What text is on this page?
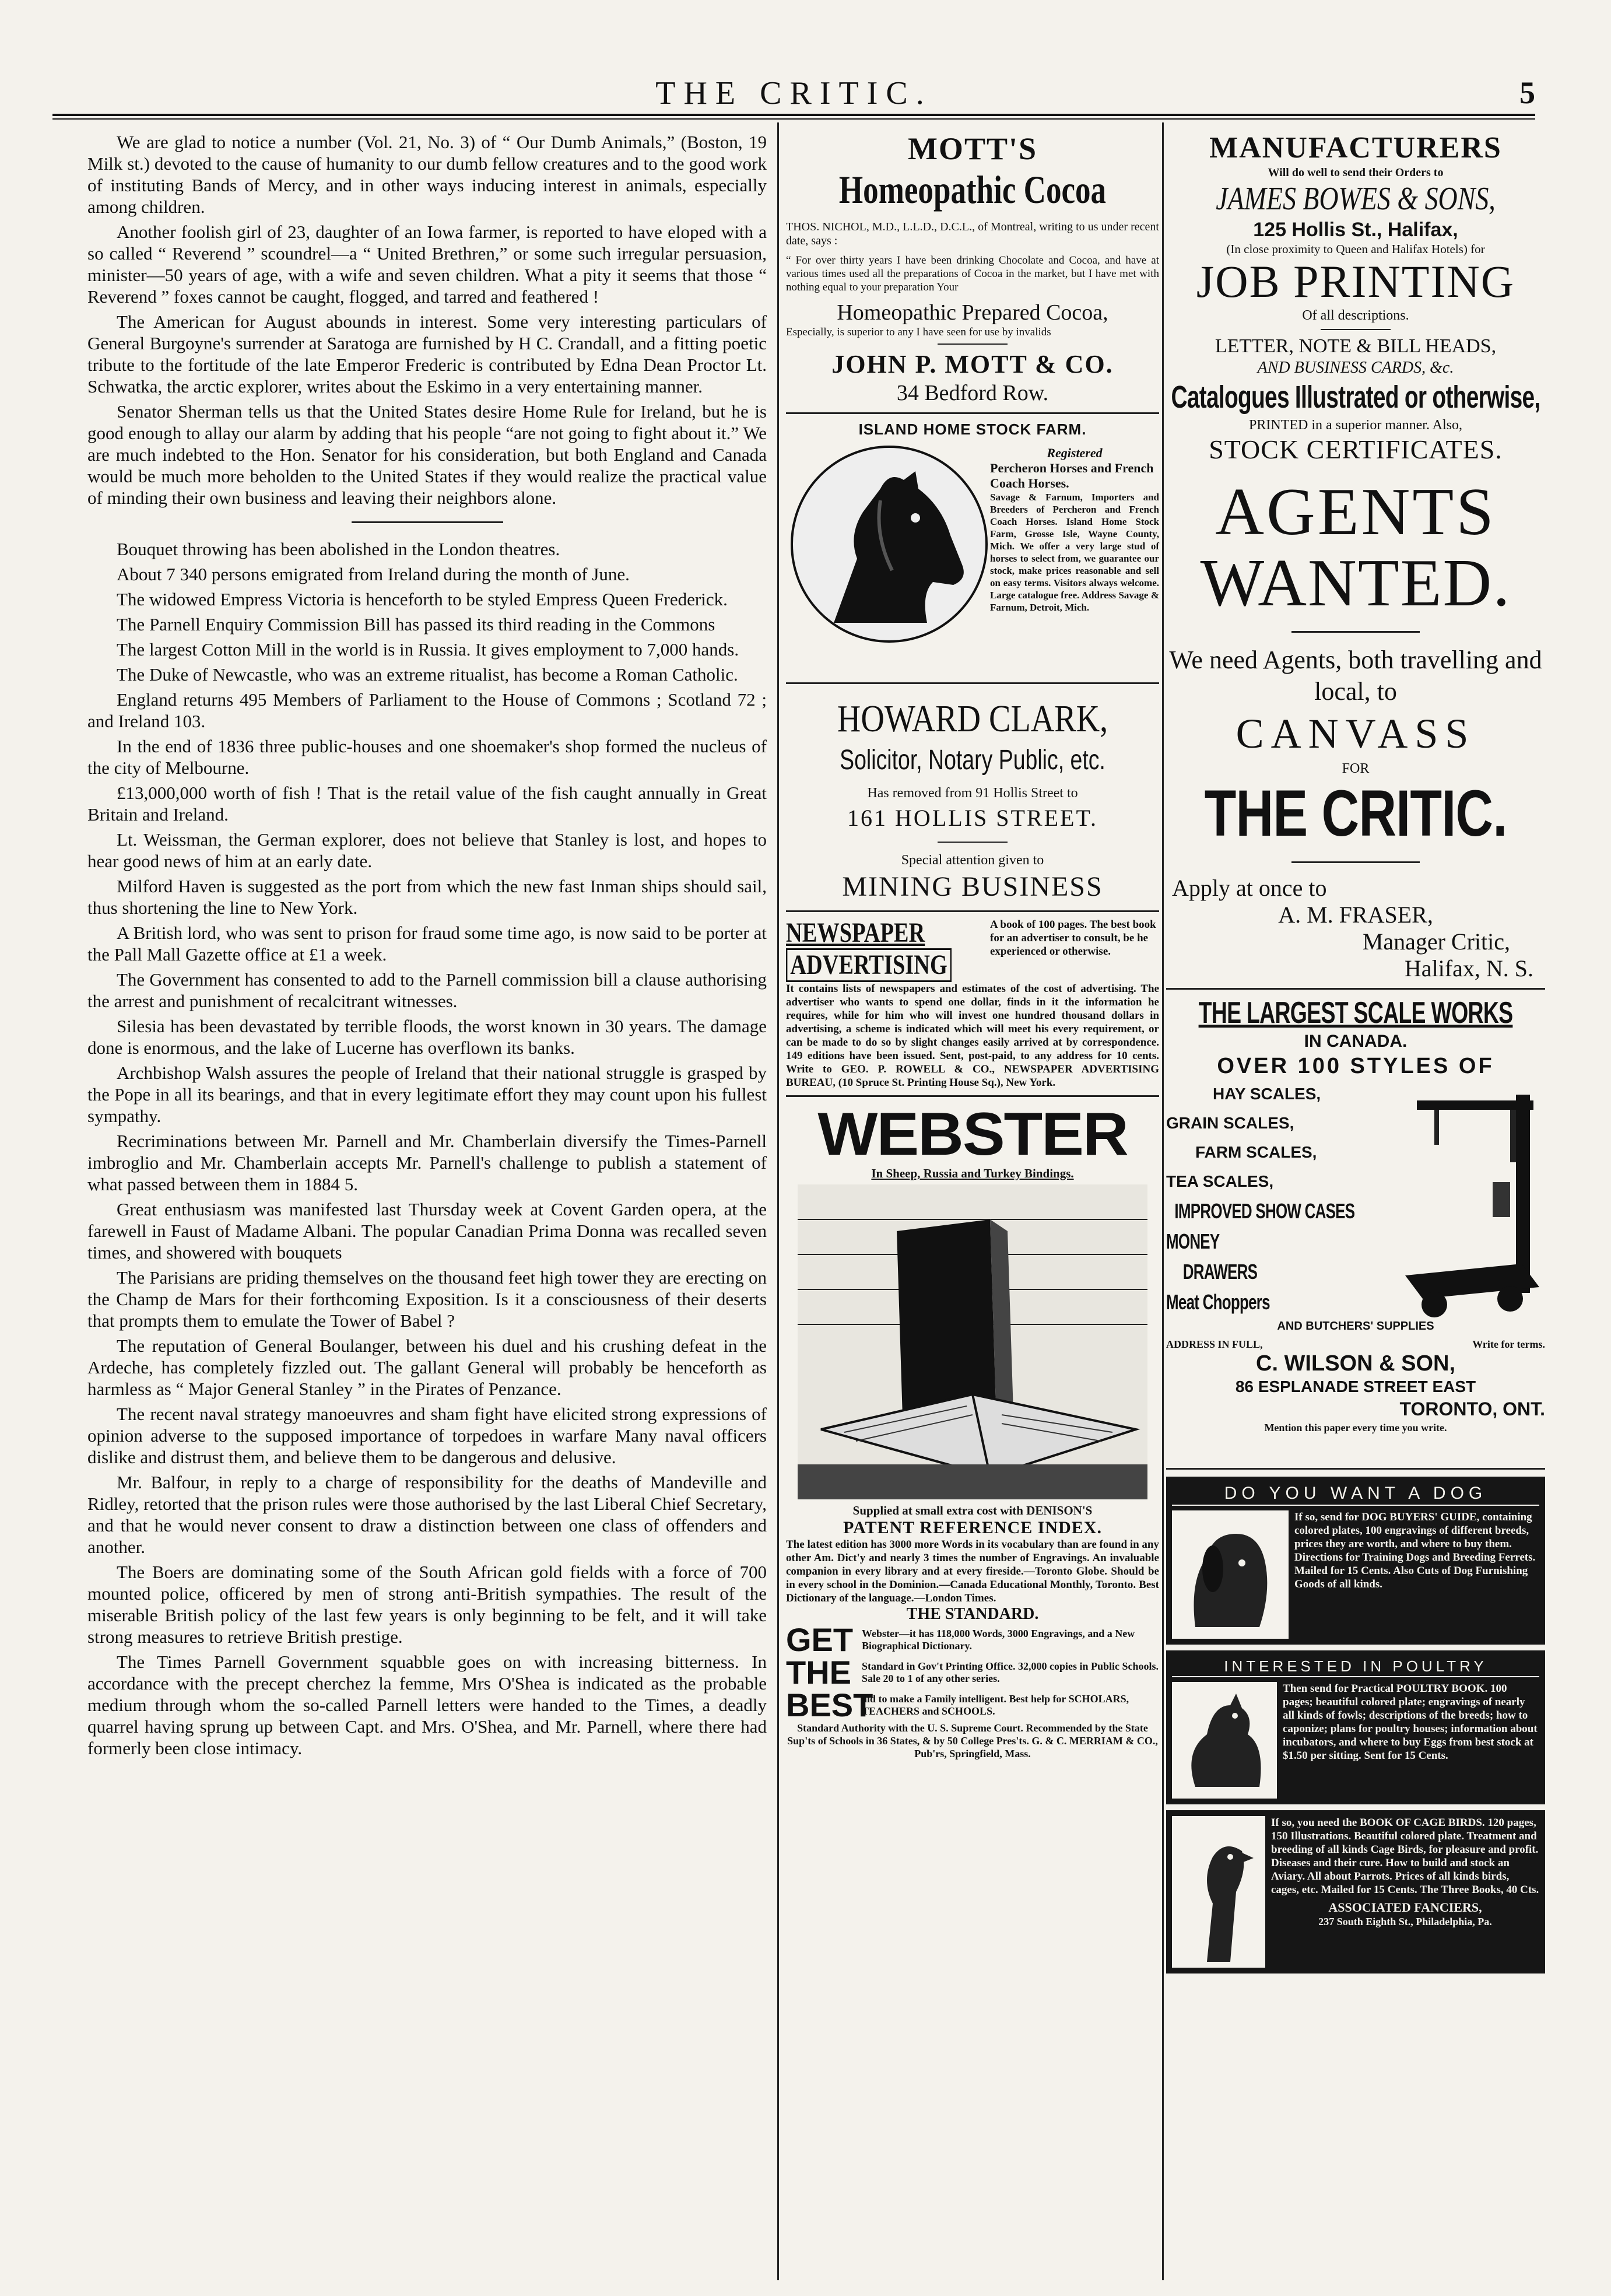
THE CRITIC.	5

We are glad to notice a number (Vol. 21, No. 3) of “ Our Dumb Animals,” (Boston, 19 Milk st.) devoted to the cause of humanity to our dumb fellow creatures and to the good work of instituting Bands of Mercy, and in other ways inducing interest in animals, especially among children.

Another foolish girl of 23, daughter of an Iowa farmer, is reported to have eloped with a so called “ Reverend ” scoundrel—a “ United Brethren,” or some such irregular persuasion, minister—50 years of age, with a wife and seven children. What a pity it seems that those “ Reverend ” foxes cannot be caught, flogged, and tarred and feathered !

The American for August abounds in interest. Some very interesting particulars of General Burgoyne's surrender at Saratoga are furnished by H C. Crandall, and a fitting poetic tribute to the fortitude of the late Emperor Frederic is contributed by Edna Dean Proctor Lt. Schwatka, the arctic explorer, writes about the Eskimo in a very entertaining manner.

Senator Sherman tells us that the United States desire Home Rule for Ireland, but he is good enough to allay our alarm by adding that his people “are not going to fight about it.” We are much indebted to the Hon. Senator for his consideration, but both England and Canada would be much more beholden to the United States if they would realize the practical value of minding their own business and leaving their neighbors alone.

Bouquet throwing has been abolished in the London theatres.

About 7 340 persons emigrated from Ireland during the month of June.

The widowed Empress Victoria is henceforth to be styled Empress Queen Frederick.

The Parnell Enquiry Commission Bill has passed its third reading in the Commons

The largest Cotton Mill in the world is in Russia. It gives employment to 7,000 hands.

The Duke of Newcastle, who was an extreme ritualist, has become a Roman Catholic.

England returns 495 Members of Parliament to the House of Commons ; Scotland 72 ; and Ireland 103.

In the end of 1836 three public-houses and one shoemaker's shop formed the nucleus of the city of Melbourne.

£13,000,000 worth of fish ! That is the retail value of the fish caught annually in Great Britain and Ireland.

Lt. Weissman, the German explorer, does not believe that Stanley is lost, and hopes to hear good news of him at an early date.

Milford Haven is suggested as the port from which the new fast Inman ships should sail, thus shortening the line to New York.

A British lord, who was sent to prison for fraud some time ago, is now said to be porter at the Pall Mall Gazette office at £1 a week.

The Government has consented to add to the Parnell commission bill a clause authorising the arrest and punishment of recalcitrant witnesses.

Silesia has been devastated by terrible floods, the worst known in 30 years. The damage done is enormous, and the lake of Lucerne has overflown its banks.

Archbishop Walsh assures the people of Ireland that their national struggle is grasped by the Pope in all its bearings, and that in every legitimate effort they may count upon his fullest sympathy.

Recriminations between Mr. Parnell and Mr. Chamberlain diversify the Times-Parnell imbroglio and Mr. Chamberlain accepts Mr. Parnell's challenge to publish a statement of what passed between them in 1884 5.

Great enthusiasm was manifested last Thursday week at Covent Garden opera, at the farewell in Faust of Madame Albani. The popular Canadian Prima Donna was recalled seven times, and showered with bouquets

The Parisians are priding themselves on the thousand feet high tower they are erecting on the Champ de Mars for their forthcoming Exposition. Is it a consciousness of their deserts that prompts them to emulate the Tower of Babel ?

The reputation of General Boulanger, between his duel and his crushing defeat in the Ardeche, has completely fizzled out. The gallant General will probably be henceforth as harmless as “ Major General Stanley ” in the Pirates of Penzance.

The recent naval strategy manoeuvres and sham fight have elicited strong expressions of opinion adverse to the supposed importance of torpedoes in warfare Many naval officers dislike and distrust them, and believe them to be dangerous and delusive.

Mr. Balfour, in reply to a charge of responsibility for the deaths of Mandeville and Ridley, retorted that the prison rules were those authorised by the last Liberal Chief Secretary, and that he would never consent to draw a distinction between one class of offenders and another.

The Boers are dominating some of the South African gold fields with a force of 700 mounted police, officered by men of strong anti-British sympathies. The result of the miserable British policy of the last few years is only beginning to be felt, and it will take strong measures to retrieve British prestige.

The Times Parnell Government squabble goes on with increasing bitterness. In accordance with the precept cherchez la femme, Mrs O'Shea is indicated as the probable medium through whom the so-called Parnell letters were handed to the Times, a deadly quarrel having sprung up between Capt. and Mrs. O'Shea, and Mr. Parnell, where there had formerly been close intimacy.

MOTT'S
Homeopathic Cocoa
THOS. NICHOL, M.D., L.L.D., D.C.L., of Montreal, writing to us under recent date, says :
“ For over thirty years I have been drinking Chocolate and Cocoa, and have at various times used all the preparations of Cocoa in the market, but I have met with nothing equal to your preparation Your
Homeopathic Prepared Cocoa,
Especially, is superior to any I have seen for use by invalids
JOHN P. MOTT & CO.
34 Bedford Row.
ISLAND HOME STOCK FARM.
Registered
Percheron Horses and French Coach Horses.
Savage & Farnum, Importers and Breeders of Percheron and French Coach Horses. Island Home Stock Farm, Grosse Isle, Wayne County, Mich. We offer a very large stud of horses to select from, we guarantee our stock, make prices reasonable and sell on easy terms. Visitors always welcome. Large catalogue free. Address Savage & Farnum, Detroit, Mich.
HOWARD CLARK,
Solicitor, Notary Public, etc.
Has removed from 91 Hollis Street to
161 HOLLIS STREET.
Special attention given to
MINING BUSINESS
NEWSPAPER
ADVERTISING
A book of 100 pages. The best book for an advertiser to consult, be he experienced or otherwise.
It contains lists of newspapers and estimates of the cost of advertising. The advertiser who wants to spend one dollar, finds in it the information he requires, while for him who will invest one hundred thousand dollars in advertising, a scheme is indicated which will meet his every requirement, or can be made to do so by slight changes easily arrived at by correspondence. 149 editions have been issued. Sent, post-paid, to any address for 10 cents. Write to GEO. P. ROWELL & CO., NEWSPAPER ADVERTISING BUREAU, (10 Spruce St. Printing House Sq.), New York.
WEBSTER
In Sheep, Russia and Turkey Bindings.
Supplied at small extra cost with DENISON'S
PATENT REFERENCE INDEX.
The latest edition has 3000 more Words in its vocabulary than are found in any other Am. Dict'y and nearly 3 times the number of Engravings. An invaluable companion in every library and at every fireside.—Toronto Globe. Should be in every school in the Dominion.—Canada Educational Monthly, Toronto. Best Dictionary of the language.—London Times.
THE STANDARD.
GET Webster—it has 118,000 Words, 3000 Engravings, and a New Biographical Dictionary.
THE	Standard in Gov't Printing Office. 32,000 copies in Public Schools. Sale 20 to 1 of any other series.
BEST
aid to make a Family intelligent. Best help for SCHOLARS, TEACHERS and SCHOOLS.
Standard Authority with the U. S. Supreme Court. Recommended by the State Sup'ts of Schools in 36 States, & by 50 College Pres'ts. G. & C. MERRIAM & CO., Pub'rs, Springfield, Mass.
MANUFACTURERS
Will do well to send their Orders to
JAMES BOWES & SONS,
125 Hollis St., Halifax,
(In close proximity to Queen and Halifax Hotels) for
JOB PRINTING
Of all descriptions.
LETTER, NOTE & BILL HEADS,
AND BUSINESS CARDS, &c.
Catalogues Illustrated or otherwise,
PRINTED in a superior manner. Also,
STOCK CERTIFICATES.
AGENTS
WANTED.
We need Agents, both travelling and local, to
CANVASS
FOR
THE CRITIC.
Apply at once to
A. M. FRASER,
Manager Critic,
Halifax, N. S.
THE LARGEST SCALE WORKS
IN CANADA.
OVER 100 STYLES OF
HAY SCALES,
GRAIN SCALES,
FARM SCALES,
TEA SCALES,
IMPROVED SHOW CASES
MONEY
DRAWERS
Meat Choppers
AND BUTCHERS' SUPPLIES
ADDRESS IN FULL,	Write for terms.
C. WILSON & SON,
86 ESPLANADE STREET EAST
TORONTO, ONT.
Mention this paper every time you write.
DO YOU WANT A DOG
If so, send for DOG BUYERS' GUIDE, containing colored plates, 100 engravings of different breeds, prices they are worth, and where to buy them. Directions for Training Dogs and Breeding Ferrets. Mailed for 15 Cents. Also Cuts of Dog Furnishing Goods of all kinds.
INTERESTED IN POULTRY
Then send for Practical POULTRY BOOK. 100 pages; beautiful colored plate; engravings of nearly all kinds of fowls; descriptions of the breeds; how to caponize; plans for poultry houses; information about incubators, and where to buy Eggs from best stock at $1.50 per sitting. Sent for 15 Cents.
If so, you need the BOOK OF CAGE BIRDS. 120 pages, 150 Illustrations. Beautiful colored plate. Treatment and breeding of all kinds Cage Birds, for pleasure and profit. Diseases and their cure. How to build and stock an Aviary. All about Parrots. Prices of all kinds birds, cages, etc. Mailed for 15 Cents. The Three Books, 40 Cts.
ASSOCIATED FANCIERS,
237 South Eighth St., Philadelphia, Pa.
